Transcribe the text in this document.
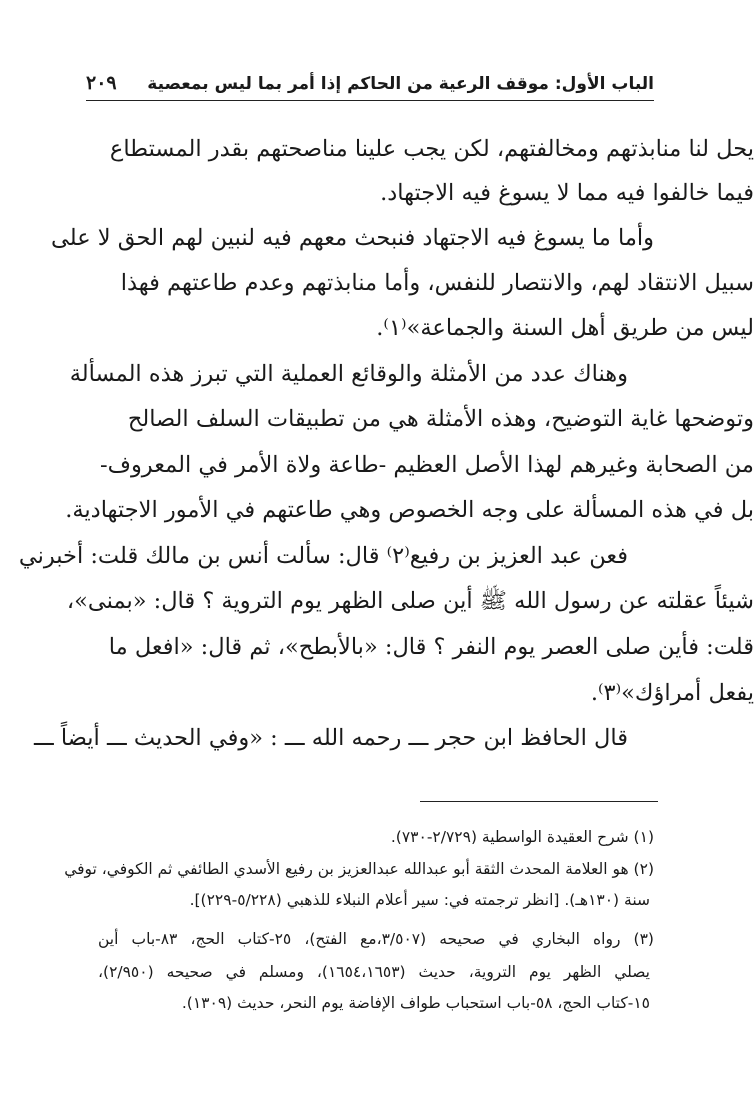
الباب الأول: موقف الرعية من الحاكم إذا أمر بما ليس بمعصية
٢٠٩
يحل لنا منابذتهم ومخالفتهم، لكن يجب علينا مناصحتهم بقدر المستطاع
فيما خالفوا فيه مما لا يسوغ فيه الاجتهاد.
وأما ما يسوغ فيه الاجتهاد فنبحث معهم فيه لنبين لهم الحق لا على
سبيل الانتقاد لهم، والانتصار للنفس، وأما منابذتهم وعدم طاعتهم فهذا
ليس من طريق أهل السنة والجماعة»⁽١⁾.
وهناك عدد من الأمثلة والوقائع العملية التي تبرز هذه المسألة
وتوضحها غاية التوضيح، وهذه الأمثلة هي من تطبيقات السلف الصالح
من الصحابة وغيرهم لهذا الأصل العظيم -طاعة ولاة الأمر في المعروف-
بل في هذه المسألة على وجه الخصوص وهي طاعتهم في الأمور الاجتهادية.
فعن عبد العزيز بن رفيع⁽٢⁾ قال: سألت أنس بن مالك قلت: أخبرني
شيئاً عقلته عن رسول الله ﷺ أين صلى الظهر يوم التروية ؟ قال: «بمنى»،
قلت: فأين صلى العصر يوم النفر ؟ قال: «بالأبطح»، ثم قال: «افعل ما
يفعل أمراؤك»⁽٣⁾.
قال الحافظ ابن حجر ـــ رحمه الله ـــ : «وفي الحديث ـــ أيضاً ـــ
(١) شرح العقيدة الواسطية (٢/٧٢٩-٧٣٠).
(٢) هو العلامة المحدث الثقة أبو عبدالله عبدالعزيز بن رفيع الأسدي الطائفي ثم الكوفي، توفي
سنة (١٣٠هـ). [انظر ترجمته في: سير أعلام النبلاء للذهبي (٥/٢٢٨-٢٢٩)].
(٣) رواه البخاري في صحيحه (٣/٥٠٧،مع الفتح)، ٢٥-كتاب الحج، ٨٣-باب أين
يصلي الظهر يوم التروية، حديث (١٦٥٤،١٦٥٣)، ومسلم في صحيحه (٢/٩٥٠)،
١٥-كتاب الحج، ٥٨-باب استحباب طواف الإفاضة يوم النحر، حديث (١٣٠٩).
